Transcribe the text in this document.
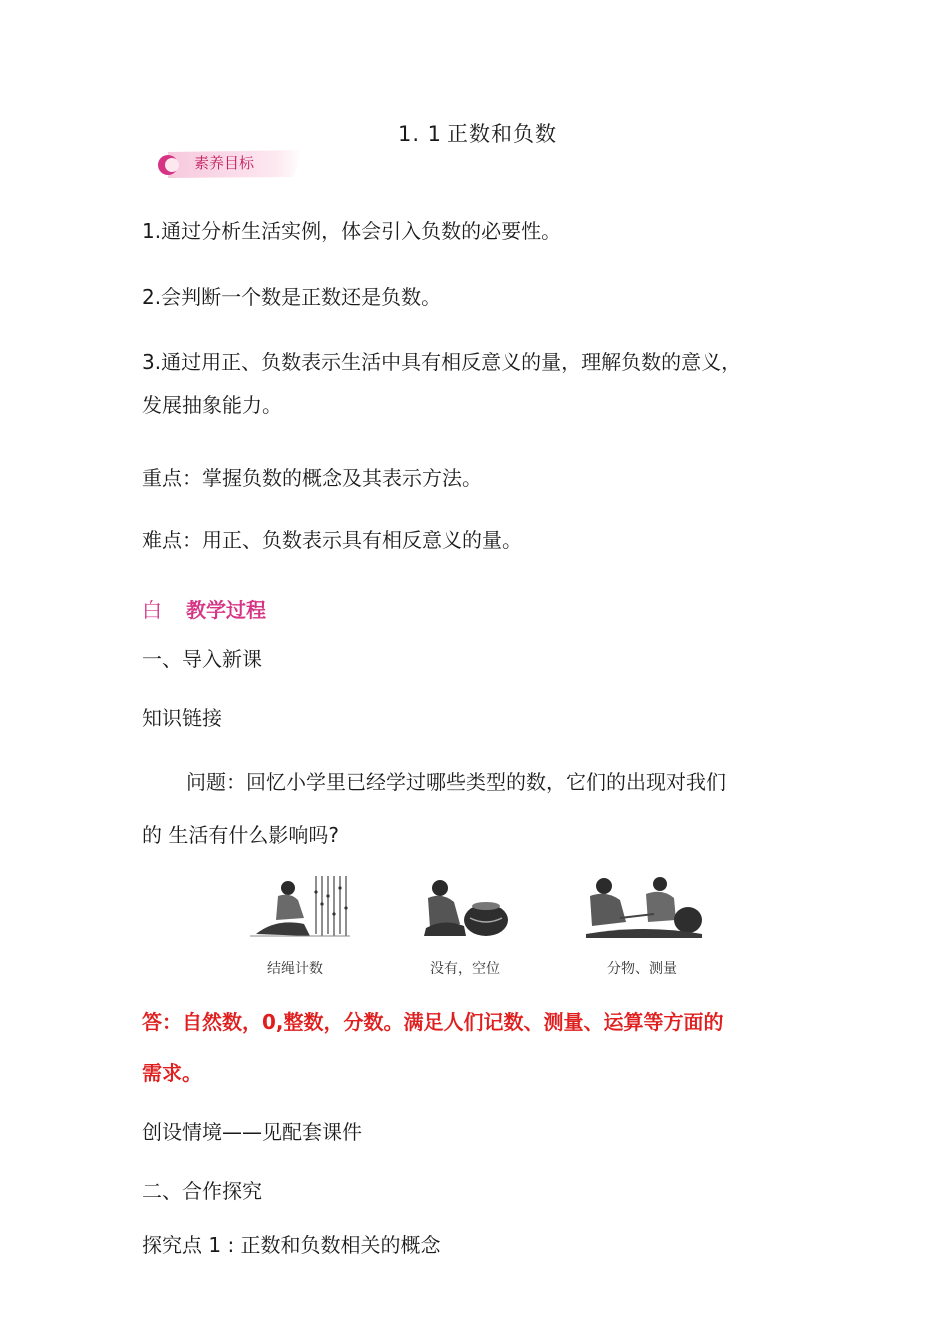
1. 1 正数和负数
素养目标
1.通过分析生活实例，体会引入负数的必要性。
2.会判断一个数是正数还是负数。
3.通过用正、负数表示生活中具有相反意义的量，理解负数的意义，
发展抽象能力。
重点：掌握负数的概念及其表示方法。
难点：用正、负数表示具有相反意义的量。
白 教学过程
一、导入新课
知识链接
问题：回忆小学里已经学过哪些类型的数，它们的出现对我们
的 生活有什么影响吗?
结绳计数	没有，空位	分物、测量
答：自然数，0,整数，分数。满足人们记数、测量、运算等方面的
需求。
创设情境——见配套课件
二、合作探究
探究点 1 : 正数和负数相关的概念
